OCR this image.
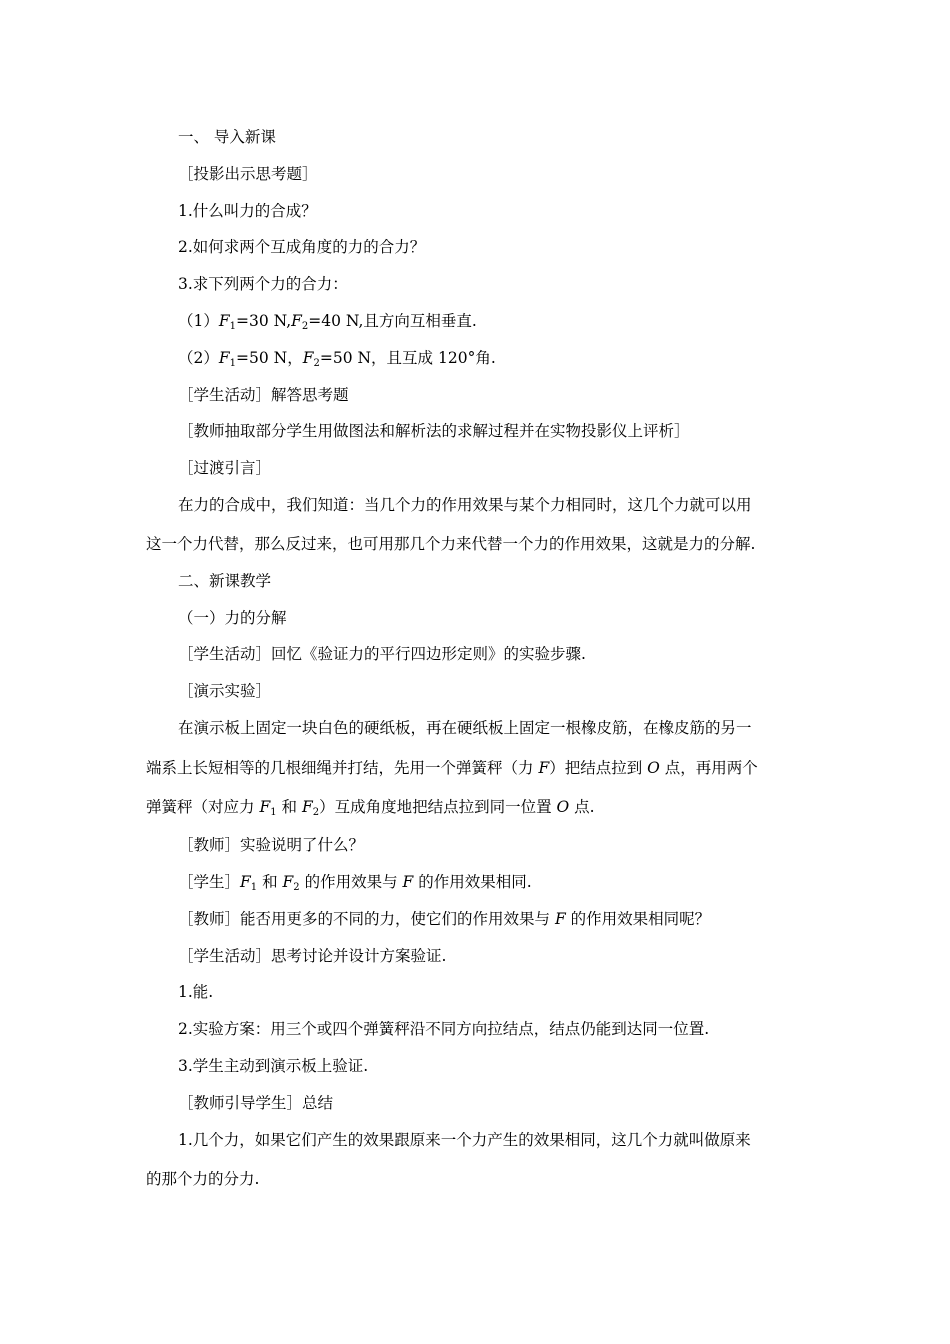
一、 导入新课
［投影出示思考题］
1.什么叫力的合成？
2.如何求两个互成角度的力的合力？
3.求下列两个力的合力：
$(1)F_1=30$ $N,F_2=40$ N,且方向互相垂直.
$(2)F_1=50$ N，$F_2=50$ N，且互成 120°角.
［学生活动］解答思考题
［教师抽取部分学生用做图法和解析法的求解过程并在实物投影仪上评析］
［过渡引言］
在力的合成中，我们知道：当几个力的作用效果与某个力相同时，这几个力就可以用
这一个力代替，那么反过来，也可用那几个力来代替一个力的作用效果，这就是力的分解.
二、新课教学
（一）力的分解
［学生活动］回忆《验证力的平行四边形定则》的实验步骤.
［演示实验］
在演示板上固定一块白色的硬纸板，再在硬纸板上固定一根橡皮筋，在橡皮筋的另一
端系上长短相等的几根细绳并打结，先用一个弹簧秤（力 F）把结点拉到 O 点，再用两个
弹簧秤（对应力 $F_1$ 和 $F_2$）互成角度地把结点拉到同一位置 O 点.
［教师］实验说明了什么？
［学生$]F_1$ 和 $F_2$ 的作用效果与 F 的作用效果相同.
［教师］能否用更多的不同的力，使它们的作用效果与 F 的作用效果相同呢？
［学生活动］思考讨论并设计方案验证.
1.能.
2.实验方案：用三个或四个弹簧秤沿不同方向拉结点，结点仍能到达同一位置.
3.学生主动到演示板上验证.
［教师引导学生］总结
1.几个力，如果它们产生的效果跟原来一个力产生的效果相同，这几个力就叫做原来
的那个力的分力.
